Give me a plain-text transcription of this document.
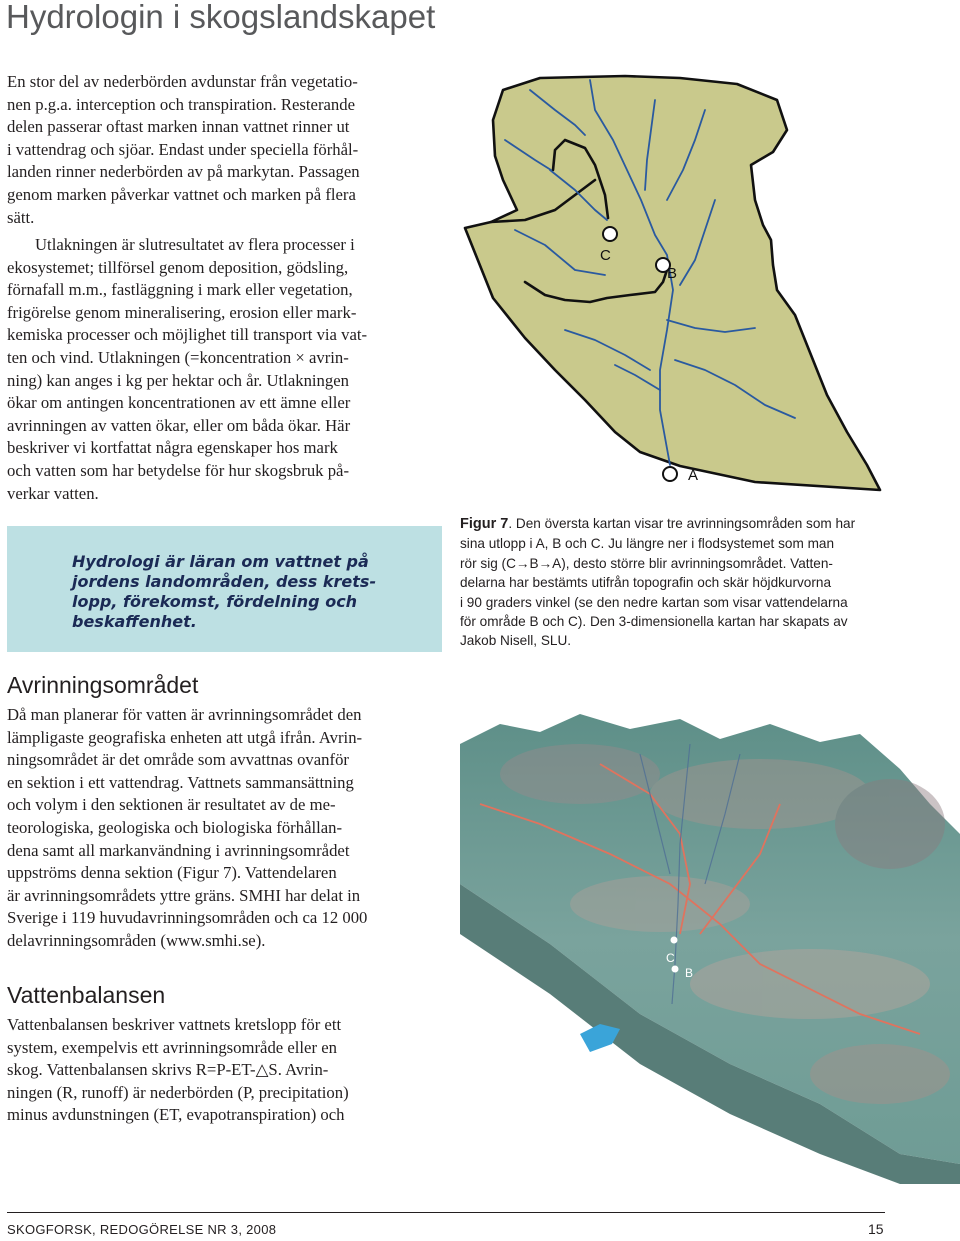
Hydrologin i skogslandskapet
En stor del av nederbörden avdunstar från vegetatio-
nen p.g.a. interception och transpiration. Resterande
delen passerar oftast marken innan vattnet rinner ut
i vattendrag och sjöar. Endast under speciella förhål-
landen rinner nederbörden av på markytan. Passagen
genom marken påverkar vattnet och marken på flera
sätt.
Utlakningen är slutresultatet av flera processer i
ekosystemet; tillförsel genom deposition, gödsling,
förnafall m.m., fastläggning i mark eller vegetation,
frigörelse genom mineralisering, erosion eller mark-
kemiska processer och möjlighet till transport via vat-
ten och vind. Utlakningen (=koncentration × avrin-
ning) kan anges i kg per hektar och år. Utlakningen
ökar om antingen koncentrationen av ett ämne eller
avrinningen av vatten ökar, eller om båda ökar. Här
beskriver vi kortfattat några egenskaper hos mark
och vatten som har betydelse för hur skogsbruk på-
verkar vatten.
Hydrologi är läran om vattnet på
jordens landområden, dess krets-
lopp, förekomst, fördelning och
beskaffenhet.
Avrinningsområdet
Då man planerar för vatten är avrinningsområdet den
lämpligaste geografiska enheten att utgå ifrån. Avrin-
ningsområdet är det område som avvattnas ovanför
en sektion i ett vattendrag. Vattnets sammansättning
och volym i den sektionen är resultatet av de me-
teorologiska, geologiska och biologiska förhållan-
dena samt all markanvändning i avrinningsområdet
uppströms denna sektion (Figur 7). Vattendelaren
är avrinningsområdets yttre gräns. SMHI har delat in
Sverige i 119 huvudavrinningsområden och ca 12 000
delavrinningsområden (www.smhi.se).
Vattenbalansen
Vattenbalansen beskriver vattnets kretslopp för ett
system, exempelvis ett avrinningsområde eller en
skog. Vattenbalansen skrivs R=P-ET-△S. Avrin-
ningen (R, runoff) är nederbörden (P, precipitation)
minus avdunstningen (ET, evapotranspiration) och
C
B
A
Figur 7. Den översta kartan visar tre avrinningsområden som har
sina utlopp i A, B och C. Ju längre ner i flodsystemet som man
rör sig (C→B→A), desto större blir avrinningsområdet. Vatten-
delarna har bestämts utifrån topografin och skär höjdkurvorna
i 90 graders vinkel (se den nedre kartan som visar vattendelarna
för område B och C). Den 3-dimensionella kartan har skapats av
Jakob Nisell, SLU.
C
B
SKOGFORSK, REDOGÖRELSE NR 3, 2008	15
